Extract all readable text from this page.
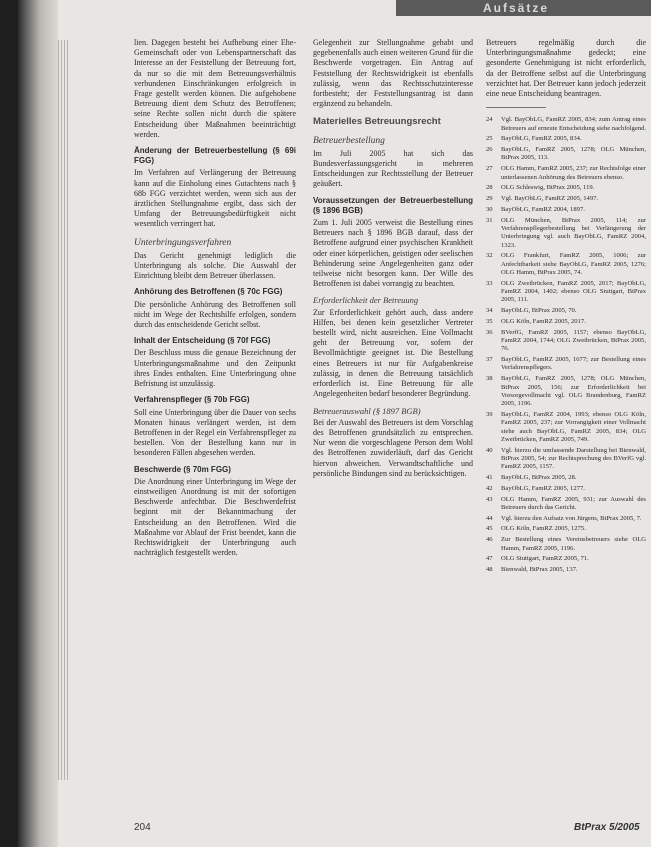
Aufsätze

lien. Dagegen besteht bei Aufhebung einer Ehe- Gemeinschaft oder von Lebenspartnerschaft das Interesse an der Feststellung der Betreuung fort, da nur so die mit dem Betreuungsverhältnis verbundenen Einschränkungen erfolgreich in Frage gestellt werden können. Die aufgehobene Betreuung dient dem Schutz des Betroffenen; seine Rechte sollen nicht durch die spätere Entscheidung über Maßnahmen beeinträchtigt werden.

Änderung der Betreuerbestellung (§ 69i FGG)

Im Verfahren auf Verlängerung der Betreuung kann auf die Einholung eines Gutachtens nach § 68b FGG verzichtet werden, wenn sich aus der ärztlichen Stellungnahme ergibt, dass sich der Umfang der Betreuungsbedürftigkeit nicht wesentlich verringert hat.

Unterbringungsverfahren

Das Gericht genehmigt lediglich die Unterbringung als solche. Die Auswahl der Einrichtung bleibt dem Betreuer überlassen.

Anhörung des Betroffenen (§ 70c FGG)

Die persönliche Anhörung des Betroffenen soll nicht im Wege der Rechtshilfe erfolgen, sondern durch das entscheidende Gericht selbst.

Inhalt der Entscheidung (§ 70f FGG)

Der Beschluss muss die genaue Bezeichnung der Unterbringungsmaßnahme und den Zeitpunkt ihres Endes enthalten. Eine Unterbringung ohne Befristung ist unzulässig.

Verfahrenspfleger (§ 70b FGG)

Soll eine Unterbringung über die Dauer von sechs Monaten hinaus verlängert werden, ist dem Betroffenen in der Regel ein Verfahrenspfleger zu bestellen. Von der Bestellung kann nur in besonderen Fällen abgesehen werden.

Beschwerde (§ 70m FGG)

Die Anordnung einer Unterbringung im Wege der einstweiligen Anordnung ist mit der sofortigen Beschwerde anfechtbar. Die Beschwerdefrist beginnt mit der Bekanntmachung der Entscheidung an den Betroffenen. Wird die Maßnahme vor Ablauf der Frist beendet, kann die Rechtswidrigkeit der Unterbringung auch nachträglich festgestellt werden.

Gelegenheit zur Stellungnahme gehabt und gegebenenfalls auch einen weiteren Grund für die Beschwerde vorgetragen. Ein Antrag auf Feststellung der Rechtswidrigkeit ist ebenfalls zulässig, wenn das Rechtsschutzinteresse fortbesteht; der Feststellungsantrag ist dann ergänzend zu behandeln.

Materielles Betreuungsrecht
Betreuerbestellung

Im Juli 2005 hat sich das Bundesverfassungsgericht in mehreren Entscheidungen zur Rechtsstellung der Betreuer geäußert.

Voraussetzungen der Betreuerbestellung (§ 1896 BGB)

Zum 1. Juli 2005 verweist die Bestellung eines Betreuers nach § 1896 BGB darauf, dass der Betroffene aufgrund einer psychischen Krankheit oder einer körperlichen, geistigen oder seelischen Behinderung seine Angelegenheiten ganz oder teilweise nicht besorgen kann. Der Wille des Betroffenen ist dabei vorrangig zu beachten.

Erforderlichkeit der Betreuung

Zur Erforderlichkeit gehört auch, dass andere Hilfen, bei denen kein gesetzlicher Vertreter bestellt wird, nicht ausreichen. Eine Vollmacht geht der Betreuung vor, sofern der Bevollmächtigte geeignet ist. Die Bestellung eines Betreuers ist nur für Aufgabenkreise zulässig, in denen die Betreuung tatsächlich erforderlich ist. Eine Betreuung für alle Angelegenheiten bedarf besonderer Begründung.

Betreuerauswahl (§ 1897 BGB)

Bei der Auswahl des Betreuers ist dem Vorschlag des Betroffenen grundsätzlich zu entsprechen. Nur wenn die vorgeschlagene Person dem Wohl des Betroffenen zuwiderläuft, darf das Gericht hiervon abweichen. Verwandtschaftliche und persönliche Bindungen sind zu berücksichtigen.

Betreuers regelmäßig durch die Unterbringungsmaßnahme gedeckt; eine gesonderte Genehmigung ist nicht erforderlich, da der Betroffene selbst auf die Unterbringung verzichtet hat. Der Betreuer kann jedoch jederzeit eine neue Entscheidung beantragen.

24	Vgl. BayObLG, FamRZ 2005, 834; zum Antrag eines Betreuers auf erneute Entscheidung siehe nachfolgend.
25	BayObLG, FamRZ 2005, 834.
26	BayObLG, FamRZ 2005, 1278; OLG München, BtPrax 2005, 113.
27	OLG Hamm, FamRZ 2005, 237; zur Rechtsfolge einer unterlassenen Anhörung des Betreuers ebenso.
28	OLG Schleswig, BtPrax 2005, 119.
29	Vgl. BayObLG, FamRZ 2005, 1497.
30	BayObLG, FamRZ 2004, 1897.
31	OLG München, BtPrax 2005, 114; zur Verfahrenspflegerbestellung bei Verlängerung der Unterbringung vgl. auch BayObLG, FamRZ 2004, 1323.
32	OLG Frankfurt, FamRZ 2005, 1006; zur Anfechtbarkeit siehe BayObLG, FamRZ 2005, 1276; OLG Hamm, BtPrax 2005, 74.
33	OLG Zweibrücken, FamRZ 2005, 2017; BayObLG, FamRZ 2004, 1402; ebenso OLG Stuttgart, BtPrax 2005, 111.
34	BayObLG, BtPrax 2005, 70.
35	OLG Köln, FamRZ 2005, 2017.
36	BVerfG, FamRZ 2005, 1157; ebenso BayObLG, FamRZ 2004, 1744; OLG Zweibrücken, BtPrax 2005, 76.
37	BayObLG, FamRZ 2005, 1677; zur Bestellung eines Verfahrenspflegers.
38	BayObLG, FamRZ 2005, 1278; OLG München, BtPrax 2005, 156; zur Erforderlichkeit bei Vorsorgevollmacht vgl. OLG Brandenburg, FamRZ 2005, 1196.
39	BayObLG, FamRZ 2004, 1993; ebenso OLG Köln, FamRZ 2005, 237; zur Vorrangigkeit einer Vollmacht siehe auch BayObLG, FamRZ 2005, 834; OLG Zweibrücken, FamRZ 2005, 749.
40	Vgl. hierzu die umfassende Darstellung bei Bienwald, BtPrax 2005, 54; zur Rechtsprechung des BVerfG vgl. FamRZ 2005, 1157.
41	BayObLG, BtPrax 2005, 28.
42	BayObLG, FamRZ 2005, 1277.
43	OLG Hamm, FamRZ 2005, 931; zur Auswahl des Betreuers durch das Gericht.
44	Vgl. hierzu den Aufsatz von Jürgens, BtPrax 2005, 7.
45	OLG Köln, FamRZ 2005, 1275.
46	Zur Bestellung eines Vereinsbetreuers siehe OLG Hamm, FamRZ 2005, 1196.
47	OLG Stuttgart, FamRZ 2005, 71.
48	Bienwald, BtPrax 2005, 137.
204	BtPrax 5/2005
